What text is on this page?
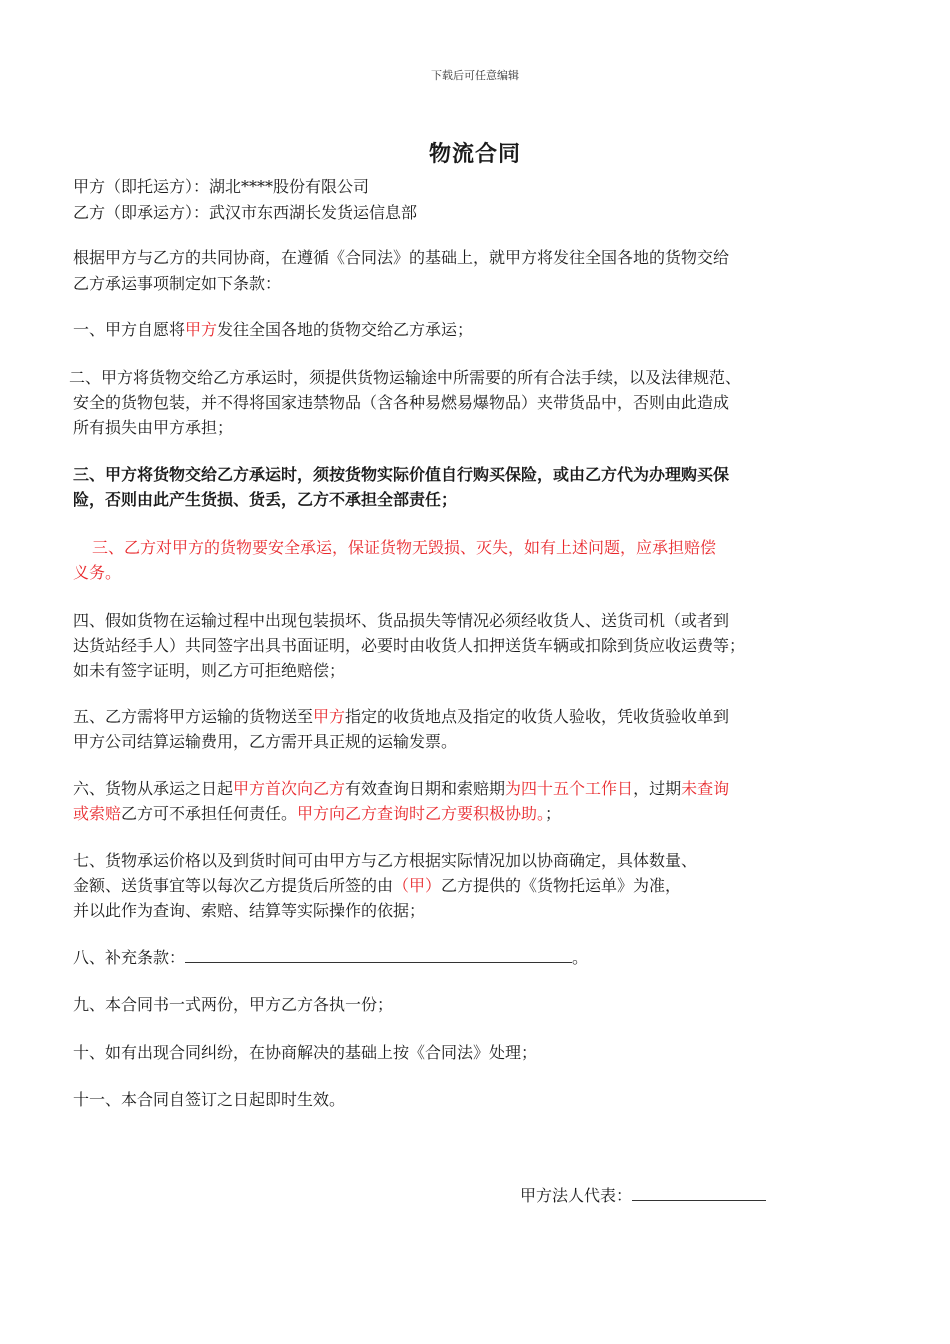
下载后可任意编辑
物流合同
甲方（即托运方）：湖北****股份有限公司
乙方（即承运方）：武汉市东西湖长发货运信息部
根据甲方与乙方的共同协商，在遵循《合同法》的基础上，就甲方将发往全国各地的货物交给
乙方承运事项制定如下条款：
一、甲方自愿将甲方发往全国各地的货物交给乙方承运；
二、甲方将货物交给乙方承运时，须提供货物运输途中所需要的所有合法手续，以及法律规范、
安全的货物包装，并不得将国家违禁物品（含各种易燃易爆物品）夹带货品中，否则由此造成
所有损失由甲方承担；
三、甲方将货物交给乙方承运时，须按货物实际价值自行购买保险，或由乙方代为办理购买保
险，否则由此产生货损、货丢，乙方不承担全部责任；
三、乙方对甲方的货物要安全承运，保证货物无毁损、灭失，如有上述问题，应承担赔偿
义务。
四、假如货物在运输过程中出现包装损坏、货品损失等情况必须经收货人、送货司机（或者到
达货站经手人）共同签字出具书面证明，必要时由收货人扣押送货车辆或扣除到货应收运费等；
如未有签字证明，则乙方可拒绝赔偿；
五、乙方需将甲方运输的货物送至甲方指定的收货地点及指定的收货人验收，凭收货验收单到
甲方公司结算运输费用，乙方需开具正规的运输发票。
六、货物从承运之日起甲方首次向乙方有效查询日期和索赔期为四十五个工作日，过期未查询
或索赔乙方可不承担任何责任。甲方向乙方查询时乙方要积极协助。；
七、货物承运价格以及到货时间可由甲方与乙方根据实际情况加以协商确定，具体数量、
金额、送货事宜等以每次乙方提货后所签的由（甲）乙方提供的《货物托运单》为准，
并以此作为查询、索赔、结算等实际操作的依据；
八、补充条款：	。
九、本合同书一式两份，甲方乙方各执一份；
十、如有出现合同纠纷，在协商解决的基础上按《合同法》处理；
十一、本合同自签订之日起即时生效。
甲方法人代表：
